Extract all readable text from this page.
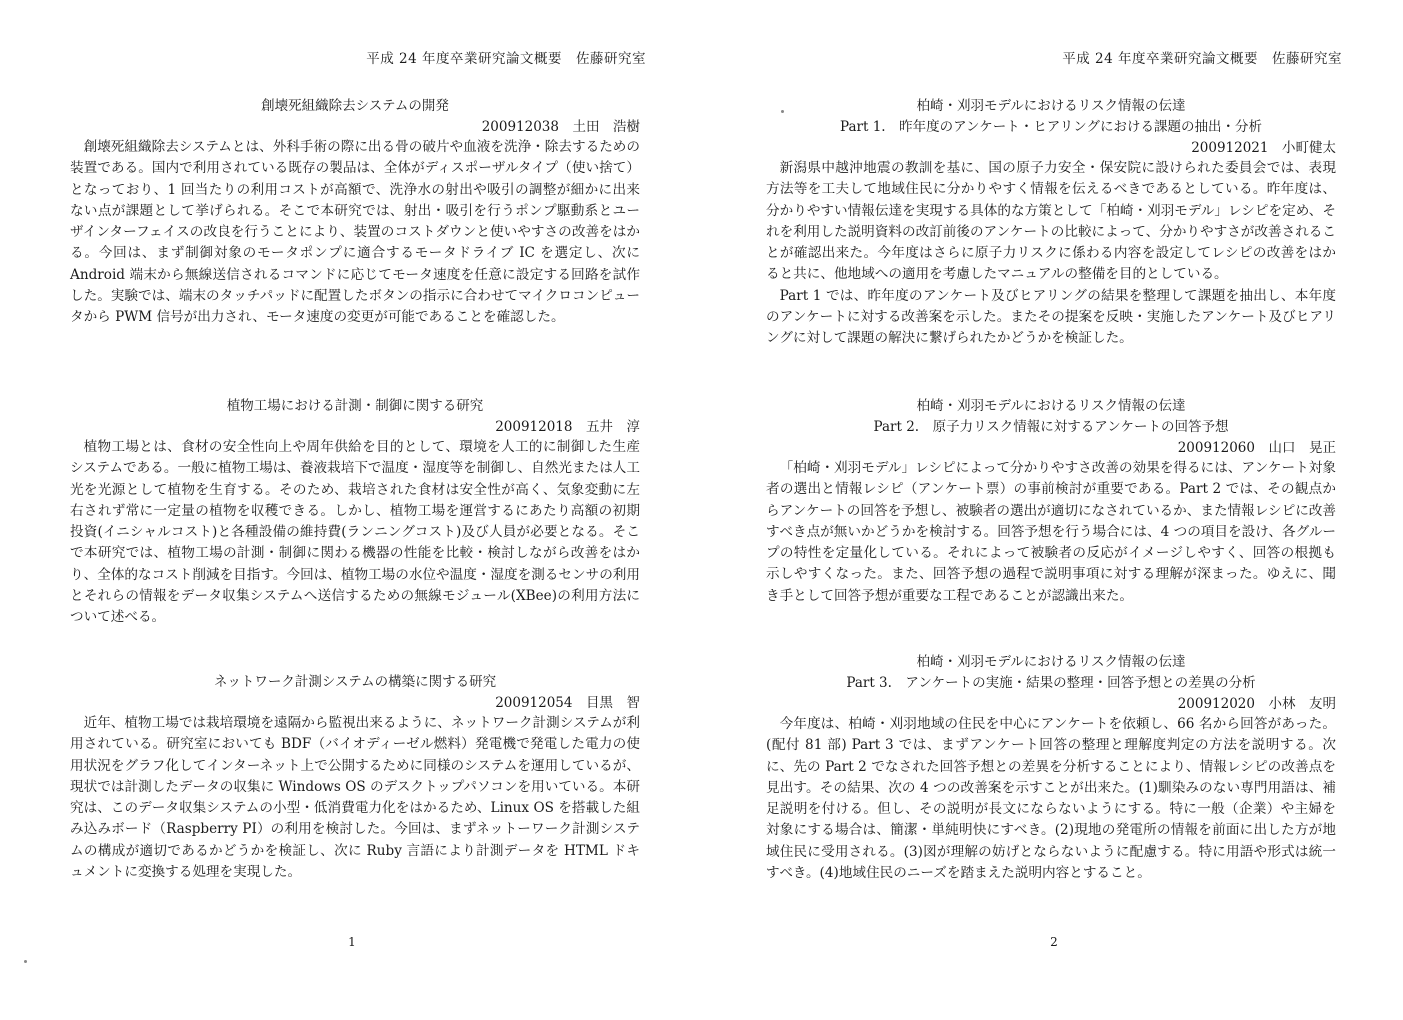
平成 24 年度卒業研究論文概要　佐藤研究室
創壊死組織除去システムの開発
200912038　土田　浩樹

創壊死組織除去システムとは、外科手術の際に出る骨の破片や血液を洗浄・除去するための装置である。国内で利用されている既存の製品は、全体がディスポーザルタイプ（使い捨て）となっており、1 回当たりの利用コストが高額で、洗浄水の射出や吸引の調整が細かに出来ない点が課題として挙げられる。そこで本研究では、射出・吸引を行うポンプ駆動系とユーザインターフェイスの改良を行うことにより、装置のコストダウンと使いやすさの改善をはかる。今回は、まず制御対象のモータポンプに適合するモータドライブ IC を選定し、次に Android 端末から無線送信されるコマンドに応じてモータ速度を任意に設定する回路を試作した。実験では、端末のタッチパッドに配置したボタンの指示に合わせてマイクロコンピュータから PWM 信号が出力され、モータ速度の変更が可能であることを確認した。

植物工場における計測・制御に関する研究
200912018　五井　淳

植物工場とは、食材の安全性向上や周年供給を目的として、環境を人工的に制御した生産システムである。一般に植物工場は、養液栽培下で温度・湿度等を制御し、自然光または人工光を光源として植物を生育する。そのため、栽培された食材は安全性が高く、気象変動に左右されず常に一定量の植物を収穫できる。しかし、植物工場を運営するにあたり高額の初期投資(イニシャルコスト)と各種設備の維持費(ランニングコスト)及び人員が必要となる。そこで本研究では、植物工場の計測・制御に関わる機器の性能を比較・検討しながら改善をはかり、全体的なコスト削減を目指す。今回は、植物工場の水位や温度・湿度を測るセンサの利用とそれらの情報をデータ収集システムへ送信するための無線モジュール(XBee)の利用方法について述べる。

ネットワーク計測システムの構築に関する研究
200912054　目黒　智

近年、植物工場では栽培環境を遠隔から監視出来るように、ネットワーク計測システムが利用されている。研究室においても BDF（バイオディーゼル燃料）発電機で発電した電力の使用状況をグラフ化してインターネット上で公開するために同様のシステムを運用しているが、現状では計測したデータの収集に Windows OS のデスクトップパソコンを用いている。本研究は、このデータ収集システムの小型・低消費電力化をはかるため、Linux OS を搭載した組み込みボード（Raspberry PI）の利用を検討した。今回は、まずネットーワーク計測システムの構成が適切であるかどうかを検証し、次に Ruby 言語により計測データを HTML ドキュメントに変換する処理を実現した。

1
平成 24 年度卒業研究論文概要　佐藤研究室
柏崎・刈羽モデルにおけるリスク情報の伝達
Part 1.　昨年度のアンケート・ヒアリングにおける課題の抽出・分析
200912021　小町健太

新潟県中越沖地震の教訓を基に、国の原子力安全・保安院に設けられた委員会では、表現方法等を工夫して地域住民に分かりやすく情報を伝えるべきであるとしている。昨年度は、分かりやすい情報伝達を実現する具体的な方策として「柏崎・刈羽モデル」レシピを定め、それを利用した説明資料の改訂前後のアンケートの比較によって、分かりやすさが改善されることが確認出来た。今年度はさらに原子力リスクに係わる内容を設定してレシピの改善をはかると共に、他地域への適用を考慮したマニュアルの整備を目的としている。

Part 1 では、昨年度のアンケート及びヒアリングの結果を整理して課題を抽出し、本年度のアンケートに対する改善案を示した。またその提案を反映・実施したアンケート及びヒアリングに対して課題の解決に繋げられたかどうかを検証した。

柏崎・刈羽モデルにおけるリスク情報の伝達
Part 2.　原子力リスク情報に対するアンケートの回答予想
200912060　山口　晃正

「柏崎・刈羽モデル」レシピによって分かりやすさ改善の効果を得るには、アンケート対象者の選出と情報レシピ（アンケート票）の事前検討が重要である。Part 2 では、その観点からアンケートの回答を予想し、被験者の選出が適切になされているか、また情報レシピに改善すべき点が無いかどうかを検討する。回答予想を行う場合には、4 つの項目を設け、各グループの特性を定量化している。それによって被験者の反応がイメージしやすく、回答の根拠も示しやすくなった。また、回答予想の過程で説明事項に対する理解が深まった。ゆえに、聞き手として回答予想が重要な工程であることが認識出来た。

柏崎・刈羽モデルにおけるリスク情報の伝達
Part 3.　アンケートの実施・結果の整理・回答予想との差異の分析
200912020　小林　友明

今年度は、柏崎・刈羽地域の住民を中心にアンケートを依頼し、66 名から回答があった。(配付 81 部) Part 3 では、まずアンケート回答の整理と理解度判定の方法を説明する。次に、先の Part 2 でなされた回答予想との差異を分析することにより、情報レシピの改善点を見出す。その結果、次の 4 つの改善案を示すことが出来た。(1)馴染みのない専門用語は、補足説明を付ける。但し、その説明が長文にならないようにする。特に一般（企業）や主婦を対象にする場合は、簡潔・単純明快にすべき。(2)現地の発電所の情報を前面に出した方が地域住民に受用される。(3)図が理解の妨げとならないように配慮する。特に用語や形式は統一すべき。(4)地域住民のニーズを踏まえた説明内容とすること。

2
